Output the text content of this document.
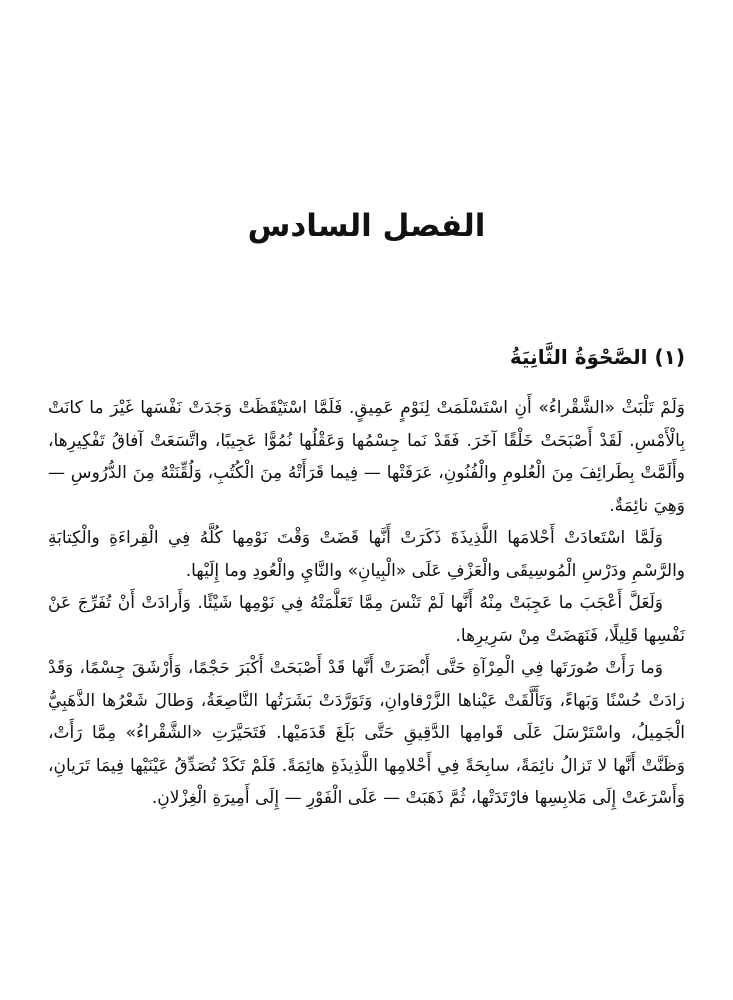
الفصل السادس
(١) الصَّحْوَةُ الثَّانِيَةُ

وَلَمْ تَلْبَثْ «الشَّقْراءُ» أَنِ اسْتَسْلَمَتْ لِنَوْمٍ عَمِيقٍ. فَلَمَّا اسْتَيْقَظَتْ وَجَدَتْ نَفْسَها غَيْرَ ما كانَتْ بِالْأَمْسِ. لَقَدْ أَصْبَحَتْ خَلْقًا آخَرَ. فَقَدْ نَما جِسْمُها وَعَقْلُها نُمُوًّا عَجِيبًا، واتَّسَعَتْ آفاقُ تَفْكِيرِها، وأَلَمَّتْ بِطَرائِفَ مِنَ الْعُلومِ والْفُنُونِ، عَرَفَتْها — فِيما قَرَأَتْهُ مِنَ الْكُتُبِ، وَلُقِّنَتْهُ مِنَ الدُّرُوسِ — وَهِيَ نائِمَةٌ.

وَلَمَّا اسْتَعادَتْ أَحْلامَها اللَّذِيذَةَ ذَكَرَتْ أَنَّها قَضَتْ وَقْتَ نَوْمِها كُلَّهُ فِي الْقِراءَةِ والْكِتابَةِ والرَّسْمِ ودَرْسِ الْمُوسِيقَى والْعَزْفِ عَلَى «الْبِيانِ» والنَّايِ والْعُودِ وما إِلَيْها.

وَلَعَلَّ أَعْجَبَ ما عَجِبَتْ مِنْهُ أَنَّها لَمْ تَنْسَ مِمَّا تَعَلَّمَتْهُ فِي نَوْمِها شَيْئًا. وَأَرادَتْ أَنْ تُفَرِّجَ عَنْ نَفْسِها قَلِيلًا، فَنَهَضَتْ مِنْ سَرِيرِها.

وَما رَأَتْ صُورَتَها فِي الْمِرْآةِ حَتَّى أَبْصَرَتْ أَنَّها قَدْ أَصْبَحَتْ أَكْبَرَ حَجْمًا، وَأَرْشَقَ جِسْمًا، وَقَدْ زادَتْ حُسْنًا وَبَهاءً، وَتَأَلَّقَتْ عَيْناها الزَّرْقاوانِ، وَتَوَرَّدَتْ بَشَرَتُها النَّاصِعَةُ، وَطالَ شَعْرُها الذَّهَبِيُّ الْجَمِيلُ، واسْتَرْسَلَ عَلَى قَوامِها الدَّقِيقِ حَتَّى بَلَغَ قَدَمَيْها. فَتَحَيَّرَتِ «الشَّقْراءُ» مِمَّا رَأَتْ، وَظَنَّتْ أَنَّها لا تَزالُ نائِمَةً، سابِحَةً فِي أَحْلامِها اللَّذِيذَةِ هائِمَةً. فَلَمْ تَكَدْ تُصَدِّقُ عَيْنَيْها فِيمَا تَرَيانِ، وَأَسْرَعَتْ إِلَى مَلابِسِها فارْتَدَتْها، ثُمَّ ذَهَبَتْ — عَلَى الْفَوْرِ — إِلَى أَمِيرَةِ الْغِزْلانِ.
